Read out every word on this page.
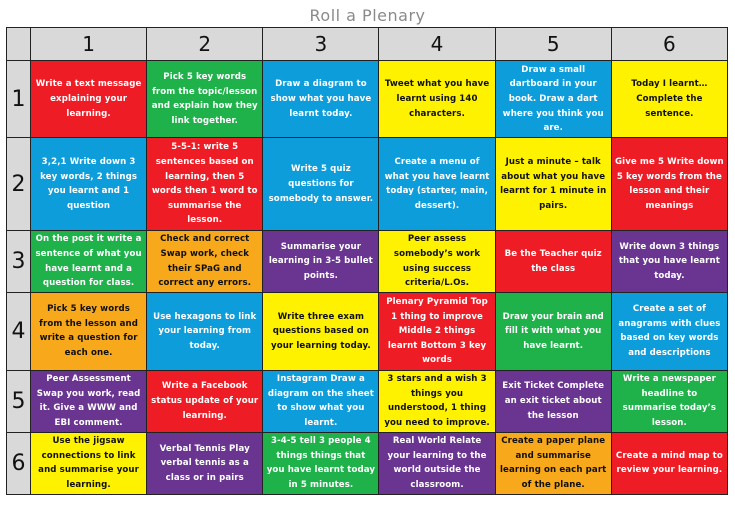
Roll a Plenary
	1	2	3	4	5	6
1	Write a text message explaining your learning.	Pick 5 key words from the topic/lesson and explain how they link together.	Draw a diagram to show what you have learnt today.	Tweet what you have learnt using 140 characters.	Draw a small dartboard in your book. Draw a dart where you think you are.	Today I learnt… Complete the sentence.
2	3,2,1 Write down 3 key words, 2 things you learnt and 1 question	5-5-1: write 5 sentences based on learning, then 5 words then 1 word to summarise the lesson.	Write 5 quiz questions for somebody to answer.	Create a menu of what you have learnt today (starter, main, dessert).	Just a minute – talk about what you have learnt for 1 minute in pairs.	Give me 5 Write down 5 key words from the lesson and their meanings
3	On the post it write a sentence of what you have learnt and a question for class.	Check and correct Swap work, check their SPaG and correct any errors.	Summarise your learning in 3-5 bullet points.	Peer assess somebody’s work using success criteria/L.Os.	Be the Teacher quiz the class	Write down 3 things that you have learnt today.
4	Pick 5 key words from the lesson and write a question for each one.	Use hexagons to link your learning from today.	Write three exam questions based on your learning today.	Plenary Pyramid Top 1 thing to improve Middle 2 things learnt Bottom 3 key words	Draw your brain and fill it with what you have learnt.	Create a set of anagrams with clues based on key words and descriptions
5	Peer Assessment Swap you work, read it. Give a WWW and EBI comment.	Write a Facebook status update of your learning.	Instagram Draw a diagram on the sheet to show what you learnt.	3 stars and a wish 3 things you understood, 1 thing you need to improve.	Exit Ticket Complete an exit ticket about the lesson	Write a newspaper headline to summarise today’s lesson.
6	Use the jigsaw connections to link and summarise your learning.	Verbal Tennis Play verbal tennis as a class or in pairs	3-4-5 tell 3 people 4 things things that you have learnt today in 5 minutes.	Real World Relate your learning to the world outside the classroom.	Create a paper plane and summarise learning on each part of the plane.	Create a mind map to review your learning.
